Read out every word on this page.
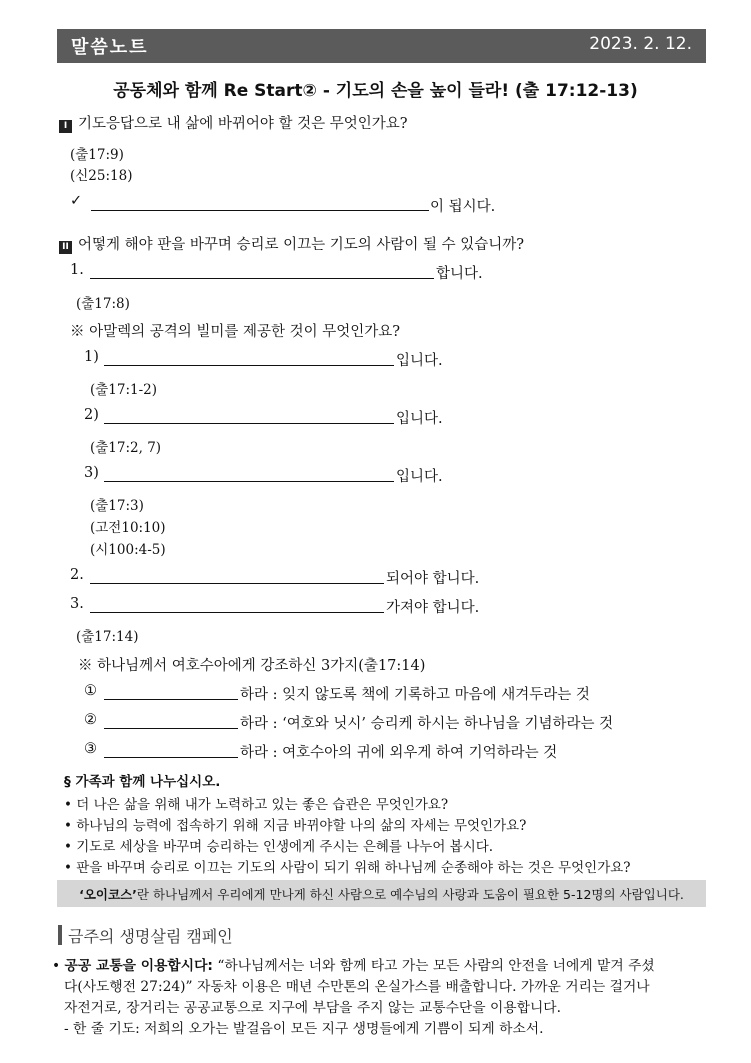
말씀노트	2023. 2. 12.
공동체와 함께 Re Start② - 기도의 손을 높이 들라! (출 17:12-13)
I 기도응답으로 내 삶에 바뀌어야 할 것은 무엇인가요?
(출17:9)
(신25:18)
✓	이 됩시다.
II 어떻게 해야 판을 바꾸며 승리로 이끄는 기도의 사람이 될 수 있습니까?
1.	합니다.
(출17:8)
※ 아말렉의 공격의 빌미를 제공한 것이 무엇인가요?
1)	입니다.
(출17:1-2)
2)	입니다.
(출17:2, 7)
3)	입니다.
(출17:3)
(고전10:10)
(시100:4-5)
2.	되어야 합니다.
3.	가져야 합니다.
(출17:14)
※ 하나님께서 여호수아에게 강조하신 3가지(출17:14)
①	하라 : 잊지 않도록 책에 기록하고 마음에 새겨두라는 것
②	하라 : ‘여호와 닛시’ 승리케 하시는 하나님을 기념하라는 것
③	하라 : 여호수아의 귀에 외우게 하여 기억하라는 것
§ 가족과 함께 나누십시오.
• 더 나은 삶을 위해 내가 노력하고 있는 좋은 습관은 무엇인가요?
• 하나님의 능력에 접속하기 위해 지금 바뀌야할 나의 삶의 자세는 무엇인가요?
• 기도로 세상을 바꾸며 승리하는 인생에게 주시는 은혜를 나누어 봅시다.
• 판을 바꾸며 승리로 이끄는 기도의 사람이 되기 위해 하나님께 순종해야 하는 것은 무엇인가요?
‘오이코스’란 하나님께서 우리에게 만나게 하신 사람으로 예수님의 사랑과 도움이 필요한 5-12명의 사람입니다.
금주의 생명살림 캠페인
• 공공 교통을 이용합시다: “하나님께서는 너와 함께 타고 가는 모든 사람의 안전을 너에게 맡겨 주셨
다(사도행전 27:24)” 자동차 이용은 매년 수만톤의 온실가스를 배출합니다. 가까운 거리는 걸거나
자전거로, 장거리는 공공교통으로 지구에 부담을 주지 않는 교통수단을 이용합니다.
- 한 줄 기도: 저희의 오가는 발걸음이 모든 지구 생명들에게 기쁨이 되게 하소서.
